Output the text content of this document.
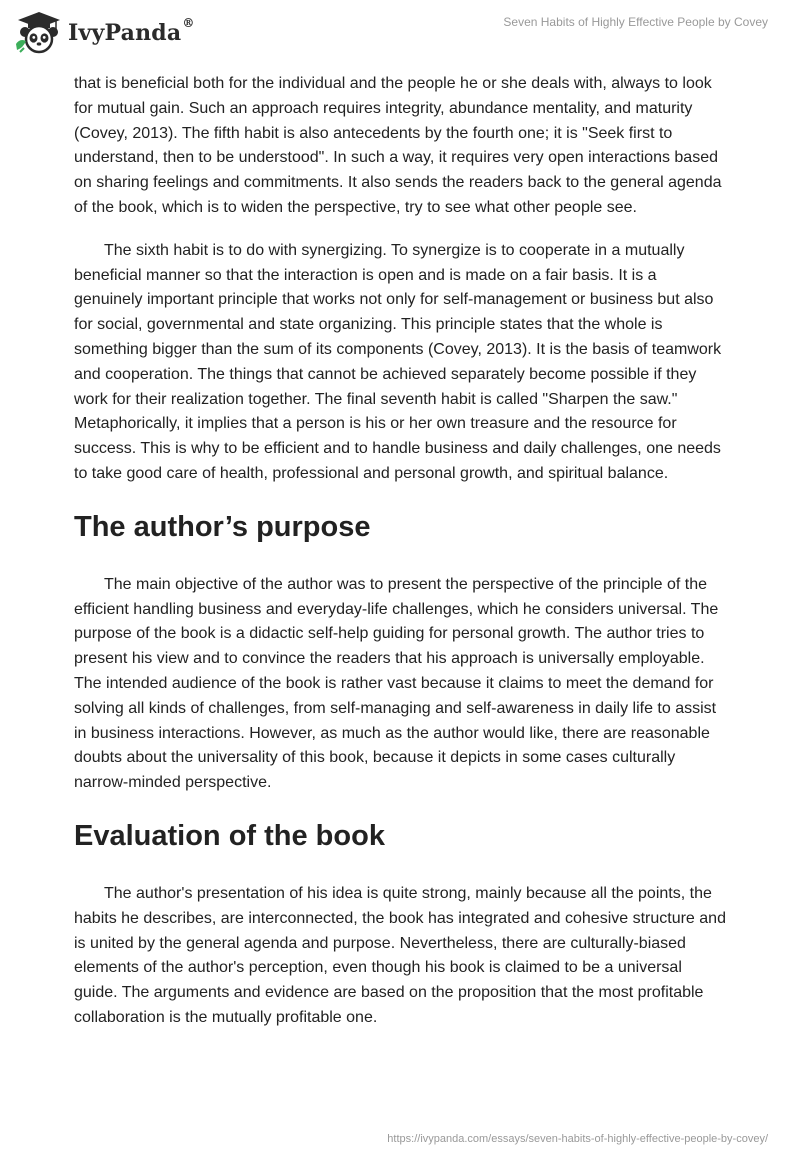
IvyPanda®	Seven Habits of Highly Effective People by Covey

that is beneficial both for the individual and the people he or she deals with, always to look for mutual gain. Such an approach requires integrity, abundance mentality, and maturity (Covey, 2013). The fifth habit is also antecedents by the fourth one; it is "Seek first to understand, then to be understood". In such a way, it requires very open interactions based on sharing feelings and commitments. It also sends the readers back to the general agenda of the book, which is to widen the perspective, try to see what other people see.

The sixth habit is to do with synergizing. To synergize is to cooperate in a mutually beneficial manner so that the interaction is open and is made on a fair basis. It is a genuinely important principle that works not only for self-management or business but also for social, governmental and state organizing. This principle states that the whole is something bigger than the sum of its components (Covey, 2013). It is the basis of teamwork and cooperation. The things that cannot be achieved separately become possible if they work for their realization together. The final seventh habit is called "Sharpen the saw." Metaphorically, it implies that a person is his or her own treasure and the resource for success. This is why to be efficient and to handle business and daily challenges, one needs to take good care of health, professional and personal growth, and spiritual balance.

The author’s purpose

The main objective of the author was to present the perspective of the principle of the efficient handling business and everyday-life challenges, which he considers universal. The purpose of the book is a didactic self-help guiding for personal growth. The author tries to present his view and to convince the readers that his approach is universally employable. The intended audience of the book is rather vast because it claims to meet the demand for solving all kinds of challenges, from self-managing and self-awareness in daily life to assist in business interactions. However, as much as the author would like, there are reasonable doubts about the universality of this book, because it depicts in some cases culturally narrow-minded perspective.

Evaluation of the book

The author's presentation of his idea is quite strong, mainly because all the points, the habits he describes, are interconnected, the book has integrated and cohesive structure and is united by the general agenda and purpose. Nevertheless, there are culturally-biased elements of the author's perception, even though his book is claimed to be a universal guide. The arguments and evidence are based on the proposition that the most profitable collaboration is the mutually profitable one.

https://ivypanda.com/essays/seven-habits-of-highly-effective-people-by-covey/
